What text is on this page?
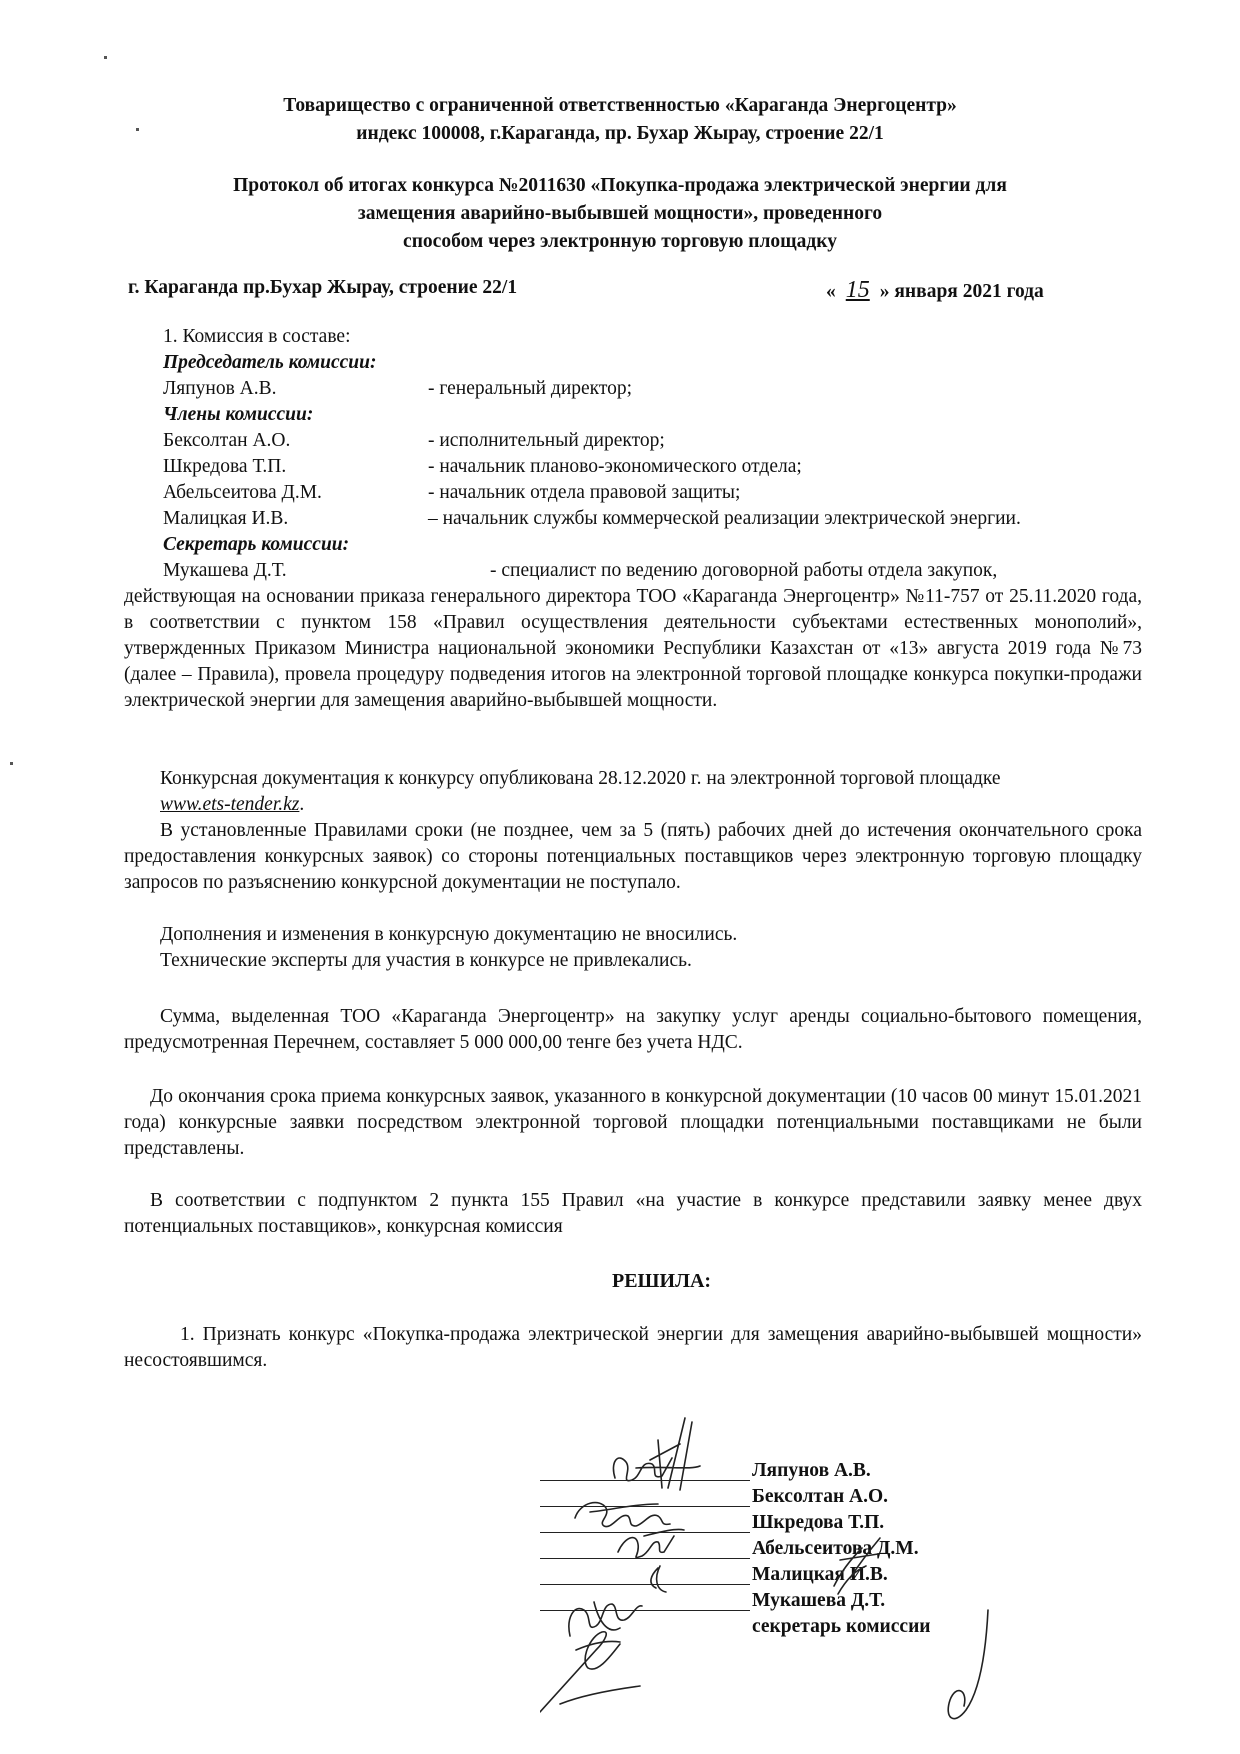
Товарищество с ограниченной ответственностью «Караганда Энергоцентр»
индекс 100008, г.Караганда, пр. Бухар Жырау, строение 22/1
Протокол об итогах конкурса №2011630 «Покупка-продажа электрической энергии для
замещения аварийно-выбывшей мощности», проведенного
способом через электронную торговую площадку
г. Караганда пр.Бухар Жырау, строение 22/1	« 15 » января 2021 года
1. Комиссия в составе:
Председатель комиссии:
Ляпунов А.В.	- генеральный директор;
Члены комиссии:
Бексолтан А.О.	- исполнительный директор;
Шкредова Т.П.	- начальник планово-экономического отдела;
Абельсеитова Д.М.	- начальник отдела правовой защиты;
Малицкая И.В.	– начальник службы коммерческой реализации электрической энергии.
Секретарь комиссии:
Мукашева Д.Т.	- специалист по ведению договорной работы отдела закупок,
действующая на основании приказа генерального директора ТОО «Караганда Энергоцентр» №11-757 от 25.11.2020 года, в соответствии с пунктом 158 «Правил осуществления деятельности субъектами естественных монополий», утвержденных Приказом Министра национальной экономики Республики Казахстан от «13» августа 2019 года №73 (далее – Правила), провела процедуру подведения итогов на электронной торговой площадке конкурса покупки-продажи электрической энергии для замещения аварийно-выбывшей мощности.
Конкурсная документация к конкурсу опубликована 28.12.2020 г. на электронной торговой площадке
www.ets-tender.kz.
В установленные Правилами сроки (не позднее, чем за 5 (пять) рабочих дней до истечения окончательного срока предоставления конкурсных заявок) со стороны потенциальных поставщиков через электронную торговую площадку запросов по разъяснению конкурсной документации не поступало.
Дополнения и изменения в конкурсную документацию не вносились.
Технические эксперты для участия в конкурсе не привлекались.
Сумма, выделенная ТОО «Караганда Энергоцентр» на закупку услуг аренды социально-бытового помещения, предусмотренная Перечнем, составляет 5 000 000,00 тенге без учета НДС.
До окончания срока приема конкурсных заявок, указанного в конкурсной документации (10 часов 00 минут 15.01.2021 года) конкурсные заявки посредством электронной торговой площадки потенциальными поставщиками не были представлены.
В соответствии с подпунктом 2 пункта 155 Правил «на участие в конкурсе представили заявку менее двух потенциальных поставщиков», конкурсная комиссия
РЕШИЛА:
1. Признать конкурс «Покупка-продажа электрической энергии для замещения аварийно-выбывшей мощности» несостоявшимся.
Ляпунов А.В.
Бексолтан А.О.
Шкредова Т.П.
Абельсеитова Д.М.
Малицкая И.В.
Мукашева Д.Т.
секретарь комиссии
